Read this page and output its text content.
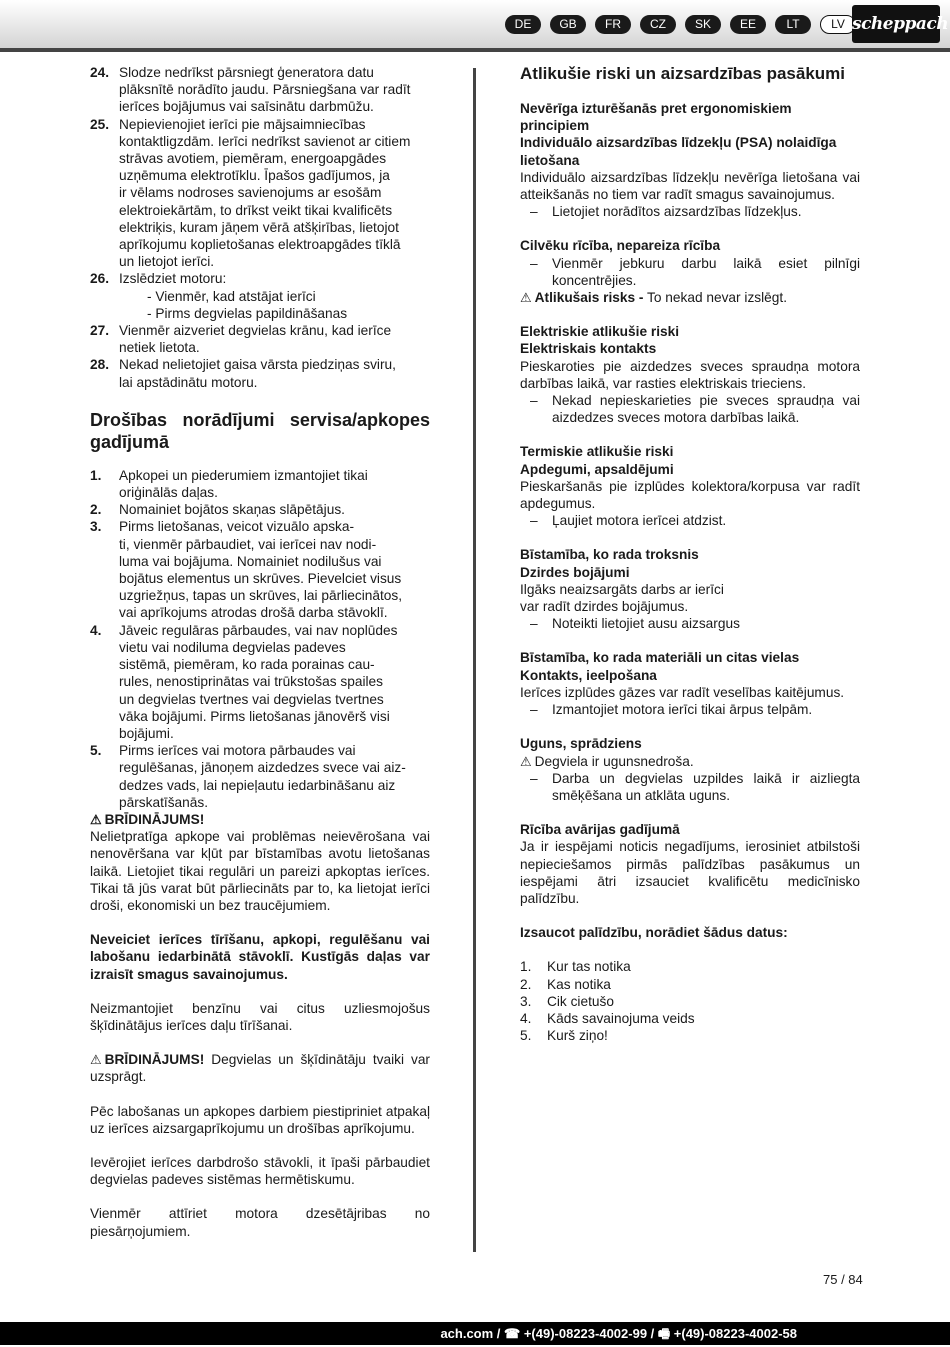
DE	GB	FR	CZ	SK	EE	LT	LV scheppach
24. Slodze nedrīkst pārsniegt ģeneratora datu
plāksnītē norādīto jaudu. Pārsniegšana var radīt
ierīces bojājumus vai saīsinātu darbmūžu.
25. Nepievienojiet ierīci pie mājsaimniecības
kontaktligzdām. Ierīci nedrīkst savienot ar citiem
strāvas avotiem, piemēram, energoapgādes
uzņēmuma elektrotīklu. Īpašos gadījumos, ja
ir vēlams nodroses savienojums ar esošām
elektroiekārtām, to drīkst veikt tikai kvalificēts
elektriķis, kuram jāņem vērā atšķirības, lietojot
aprīkojumu koplietošanas elektroapgādes tīklā
un lietojot ierīci.
26. Izslēdziet motoru:
- Vienmēr, kad atstājat ierīci
- Pirms degvielas papildināšanas
27. Vienmēr aizveriet degvielas krānu, kad ierīce
netiek lietota.
28. Nekad nelietojiet gaisa vārsta piedziņas sviru,
lai apstādinātu motoru.
Drošības norādījumi servisa/apkopes
gadījumā
1.	Apkopei un piederumiem izmantojiet tikai
oriģinālās daļas.
2.	Nomainiet bojātos skaņas slāpētājus.
3.	Pirms lietošanas, veicot vizuālo apska-
ti, vienmēr pārbaudiet, vai ierīcei nav nodi-
luma vai bojājuma. Nomainiet nodilušus vai
bojātus elementus un skrūves. Pievelciet visus
uzgriežņus, tapas un skrūves, lai pārliecinātos,
vai aprīkojums atrodas drošā darba stāvoklī.
4.	Jāveic regulāras pārbaudes, vai nav noplūdes
vietu vai nodiluma degvielas padeves
sistēmā, piemēram, ko rada porainas cau-
rules, nenostiprinātas vai trūkstošas spailes
un degvielas tvertnes vai degvielas tvertnes
vāka bojājumi. Pirms lietošanas jānovērš visi
bojājumi.
5.	Pirms ierīces vai motora pārbaudes vai
regulēšanas, jānoņem aizdedzes svece vai aiz-
dedzes vads, lai nepieļautu iedarbināšanu aiz
pārskatīšanās.
⚠ BRĪDINĀJUMS!
Nelietpratīga apkope vai problēmas neievērošana vai nenovēršana var kļūt par bīstamības avotu lietošanas laikā. Lietojiet tikai regulāri un pareizi apkoptas ierīces. Tikai tā jūs varat būt pārliecināts par to, ka lietojat ierīci droši, ekonomiski un bez traucējumiem.
Neveiciet ierīces tīrīšanu, apkopi, regulēšanu vai labošanu iedarbinātā stāvoklī. Kustīgās daļas var izraisīt smagus savainojumus.
Neizmantojiet benzīnu vai citus uzliesmojošus šķīdinātājus ierīces daļu tīrīšanai.
⚠ BRĪDINĀJUMS! Degvielas un šķīdinātāju tvaiki var uzsprāgt.
Pēc labošanas un apkopes darbiem piestipriniet atpakaļ uz ierīces aizsargaprīkojumu un drošības aprīkojumu.
Ievērojiet ierīces darbdrošo stāvokli, it īpaši pārbaudiet degvielas padeves sistēmas hermētiskumu.
Vienmēr attīriet motora dzesētājribas no piesārņojumiem.
Atlikušie riski un aizsardzības pasākumi
Nevērīga izturēšanās pret ergonomiskiem principiem
Individuālo aizsardzības līdzekļu (PSA) nolaidīga lietošana
Individuālo aizsardzības līdzekļu nevērīga lietošana vai atteikšanās no tiem var radīt smagus savainojumus.
–	Lietojiet norādītos aizsardzības līdzekļus.
Cilvēku rīcība, nepareiza rīcība
–	Vienmēr jebkuru darbu laikā esiet pilnīgi koncentrējies.
⚠ Atlikušais risks - To nekad nevar izslēgt.
Elektriskie atlikušie riski
Elektriskais kontakts
Pieskaroties pie aizdedzes sveces spraudņa motora darbības laikā, var rasties elektriskais trieciens.
–	Nekad nepieskarieties pie sveces spraudņa vai aizdedzes sveces motora darbības laikā.
Termiskie atlikušie riski
Apdegumi, apsaldējumi
Pieskaršanās pie izplūdes kolektora/korpusa var radīt apdegumus.
–	Ļaujiet motora ierīcei atdzist.
Bīstamība, ko rada troksnis
Dzirdes bojājumi
Ilgāks neaizsargāts darbs ar ierīci
var radīt dzirdes bojājumus.
–	Noteikti lietojiet ausu aizsargus
Bīstamība, ko rada materiāli un citas vielas
Kontakts, ieelpošana
Ierīces izplūdes gāzes var radīt veselības kaitējumus.
–	Izmantojiet motora ierīci tikai ārpus telpām.
Uguns, sprādziens
⚠ Degviela ir ugunsnedroša.
–	Darba un degvielas uzpildes laikā ir aizliegta smēķēšana un atklāta uguns.
Rīcība avārijas gadījumā
Ja ir iespējami noticis negadījums, ierosiniet atbilstoši nepieciešamos pirmās palīdzības pasākumus un iespējami ātri izsauciet kvalificētu medicīnisko palīdzību.
Izsaucot palīdzību, norādiet šādus datus:
1.	Kur tas notika
2.	Kas notika
3.	Cik cietušo
4.	Kāds savainojuma veids
5.	Kurš ziņo!
75 / 84
ach.com / ☎ +(49)-08223-4002-99 / 🖷 +(49)-08223-4002-58
